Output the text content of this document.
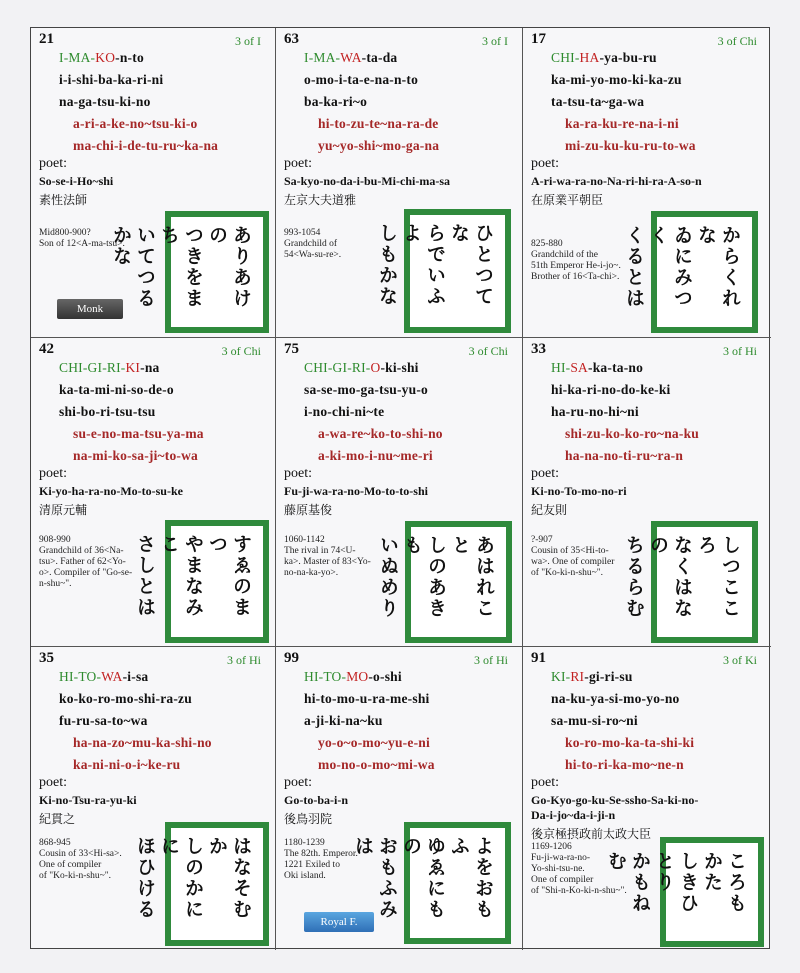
21	3 of I
I-MA-KO-n-to
i-i-shi-ba-ka-ri-ni
na-ga-tsu-ki-no
a-ri-a-ke-no~tsu-ki-o
ma-chi-i-de-tu-ru~ka-na
poet:
So-se-i-Ho~shi
素性法師
Mid800-900?
Son of 12<A-ma-tsu>.
Monk	ありあけの
つきをまち
いてつるかな
63	3 of I
I-MA-WA-ta-da
o-mo-i-ta-e-na-n-to
ba-ka-ri~o
hi-to-zu-te~na-ra-de
yu~yo-shi~mo-ga-na
poet:
Sa-kyo-no-da-i-bu-Mi-chi-ma-sa
左京大夫道雅
993-1054
Grandchild of
54<Wa-su-re>.	ひとつてな
らでいふよ
しもかな
17	3 of Chi
CHI-HA-ya-bu-ru
ka-mi-yo-mo-ki-ka-zu
ta-tsu-ta~ga-wa
ka-ra-ku-re-na-i-ni
mi-zu-ku-ku-ru-to-wa
poet:
A-ri-wa-ra-no-Na-ri-hi-ra-A-so-n
在原業平朝臣
825-880
Grandchild of the
51th Emperor He-i-jo~.
Brother of 16<Ta-chi>.	からくれな
ゐにみつく
くるとは
42	3 of Chi
CHI-GI-RI-KI-na
ka-ta-mi-ni-so-de-o
shi-bo-ri-tsu-tsu
su-e-no-ma-tsu-ya-ma
na-mi-ko-sa-ji~to-wa
poet:
Ki-yo-ha-ra-no-Mo-to-su-ke
清原元輔
908-990
Grandchild of 36<Na-
tsu>. Father of 62<Yo-
o>. Compiler of "Go-se-
n-shu~".	すゑのまつ
やまなみこ
さしとは
75	3 of Chi
CHI-GI-RI-O-ki-shi
sa-se-mo-ga-tsu-yu-o
i-no-chi-ni~te
a-wa-re~ko-to-shi-no
a-ki-mo-i-nu~me-ri
poet:
Fu-ji-wa-ra-no-Mo-to-to-shi
藤原基俊
1060-1142
The rival in 74<U-
ka>. Master of 83<Yo-
no-na-ka-yo>.	あはれこと
しのあきも
いぬめり
33	3 of Hi
HI-SA-ka-ta-no
hi-ka-ri-no-do-ke-ki
ha-ru-no-hi~ni
shi-zu-ko-ko-ro~na-ku
ha-na-no-ti-ru~ra-n
poet:
Ki-no-To-mo-no-ri
紀友則
?-907
Cousin of 35<Hi-to-
wa>. One of compiler
of "Ko-ki-n-shu~".	しつこころ
なくはなの
ちるらむ
35	3 of Hi
HI-TO-WA-i-sa
ko-ko-ro-mo-shi-ra-zu
fu-ru-sa-to~wa
ha-na-zo~mu-ka-shi-no
ka-ni-ni-o-i~ke-ru
poet:
Ki-no-Tsu-ra-yu-ki
紀貫之
868-945
Cousin of 33<Hi-sa>.
One of compiler
of "Ko-ki-n-shu~".	はなそむか
しのかにに
ほひける
99	3 of Hi
HI-TO-MO-o-shi
hi-to-mo-u-ra-me-shi
a-ji-ki-na~ku
yo-o~o-mo~yu-e-ni
mo-no-o-mo~mi-wa
poet:
Go-to-ba-i-n
後鳥羽院
1180-1239
The 82th. Emperor.
1221 Exiled to
Oki island.
Royal F.
よをおもふ
ゆゑにもの
おもふみは
91	3 of Ki
KI-RI-gi-ri-su
na-ku-ya-si-mo-yo-no
sa-mu-si-ro~ni
ko-ro-mo-ka-ta-shi-ki
hi-to-ri-ka-mo~ne-n
poet:
Go-Kyo-go-ku-Se-ssho-Sa-ki-no-
Da-i-jo~da-i-ji-n
後京極摂政前太政大臣
1169-1206
Fu-ji-wa-ra-no-
Yo-shi-tsu-ne.
One of compiler
of "Shi-n-Ko-ki-n-shu~".	ころもかた
しきひとり
かもねむ
